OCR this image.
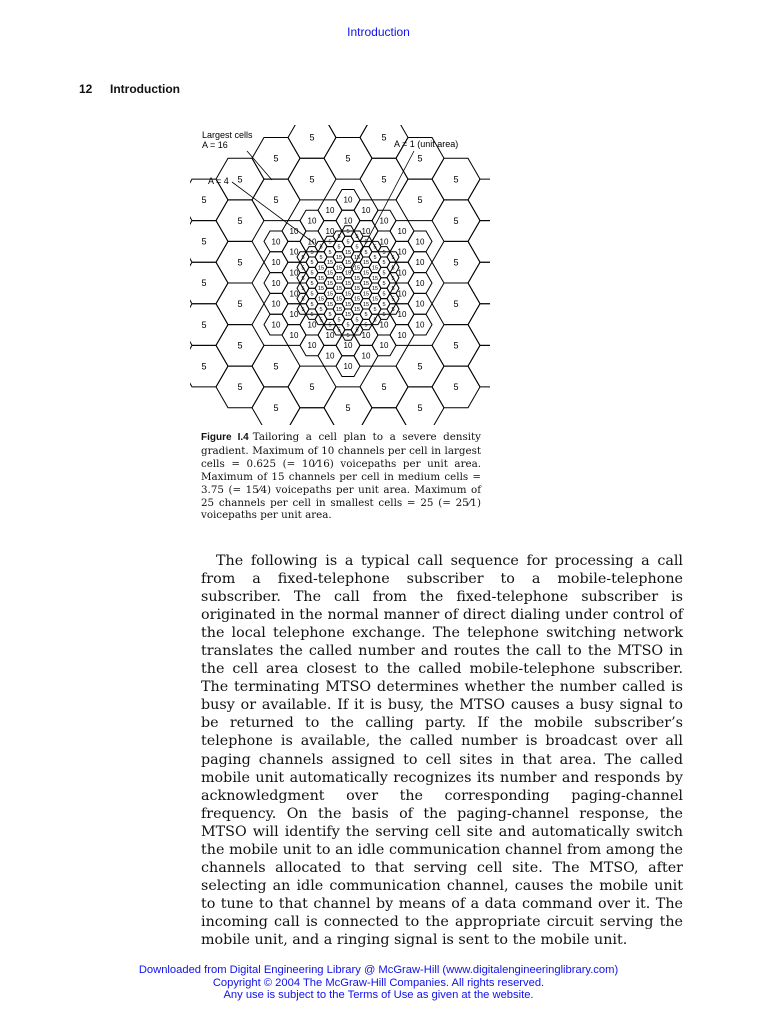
Introduction
12 Introduction
5
5
5
5
5
5
5
5
5
5
5
5
5
5
5
5
5
5
5
5
5
5
5
5
5
5
5
5
5
5
5
5
5
10
10
10
10
10
10
10
10
10
10
10
10
10
10
10
10
10
10
10
10
10
10
10
10
10
10
10
10
10
10
10
10
10
10
10
10
10
10
10
10
10
10
5
5
5
5
5
5
5
5
5
5
5
5
5
5
5
15
15
15
15
5
5
5
5
15
15
15
15
15
5
5
5
5
15
15
15
15
15
15
5
5
5
5
15
15
15
15
15
15
15
5
5
5
5
15
15
15
15
15
15
5
5
5
5
15
15
15
15
15
5
5
5
5
15
15
15
15
5
5
5
5
5
5
5
5
5
5
5
5
5
5
5
Largest cells
A = 16	A = 1 (unit area)
A = 4

Figure I.4 Tailoring a cell plan to a severe density gradient. Maximum of 10 channels per cell in largest cells = 0.625 (= 10⁄16) voicepaths per unit area. Maximum of 15 channels per cell in medium cells = 3.75 (= 15⁄4) voicepaths per unit area. Maximum of 25 channels per cell in smallest cells = 25 (= 25⁄1) voicepaths per unit area.

The following is a typical call sequence for processing a call from a fixed-telephone subscriber to a mobile-telephone subscriber. The call from the fixed-telephone subscriber is originated in the normal manner of direct dialing under control of the local telephone exchange. The telephone switching network translates the called number and routes the call to the MTSO in the cell area closest to the called mobile-telephone subscriber. The terminating MTSO determines whether the number called is busy or available. If it is busy, the MTSO causes a busy signal to be returned to the calling party. If the mobile subscriber’s telephone is available, the called number is broadcast over all paging channels assigned to cell sites in that area. The called mobile unit automatically recognizes its number and responds by acknowledgment over the corresponding paging-channel frequency. On the basis of the paging-channel response, the MTSO will identify the serving cell site and automatically switch the mobile unit to an idle communication channel from among the channels allocated to that serving cell site. The MTSO, after selecting an idle communication channel, causes the mobile unit to tune to that channel by means of a data command over it. The incoming call is connected to the appropriate circuit serving the mobile unit, and a ringing signal is sent to the mobile unit.

Downloaded from Digital Engineering Library @ McGraw-Hill (www.digitalengineeringlibrary.com)
Copyright © 2004 The McGraw-Hill Companies. All rights reserved.
Any use is subject to the Terms of Use as given at the website.
